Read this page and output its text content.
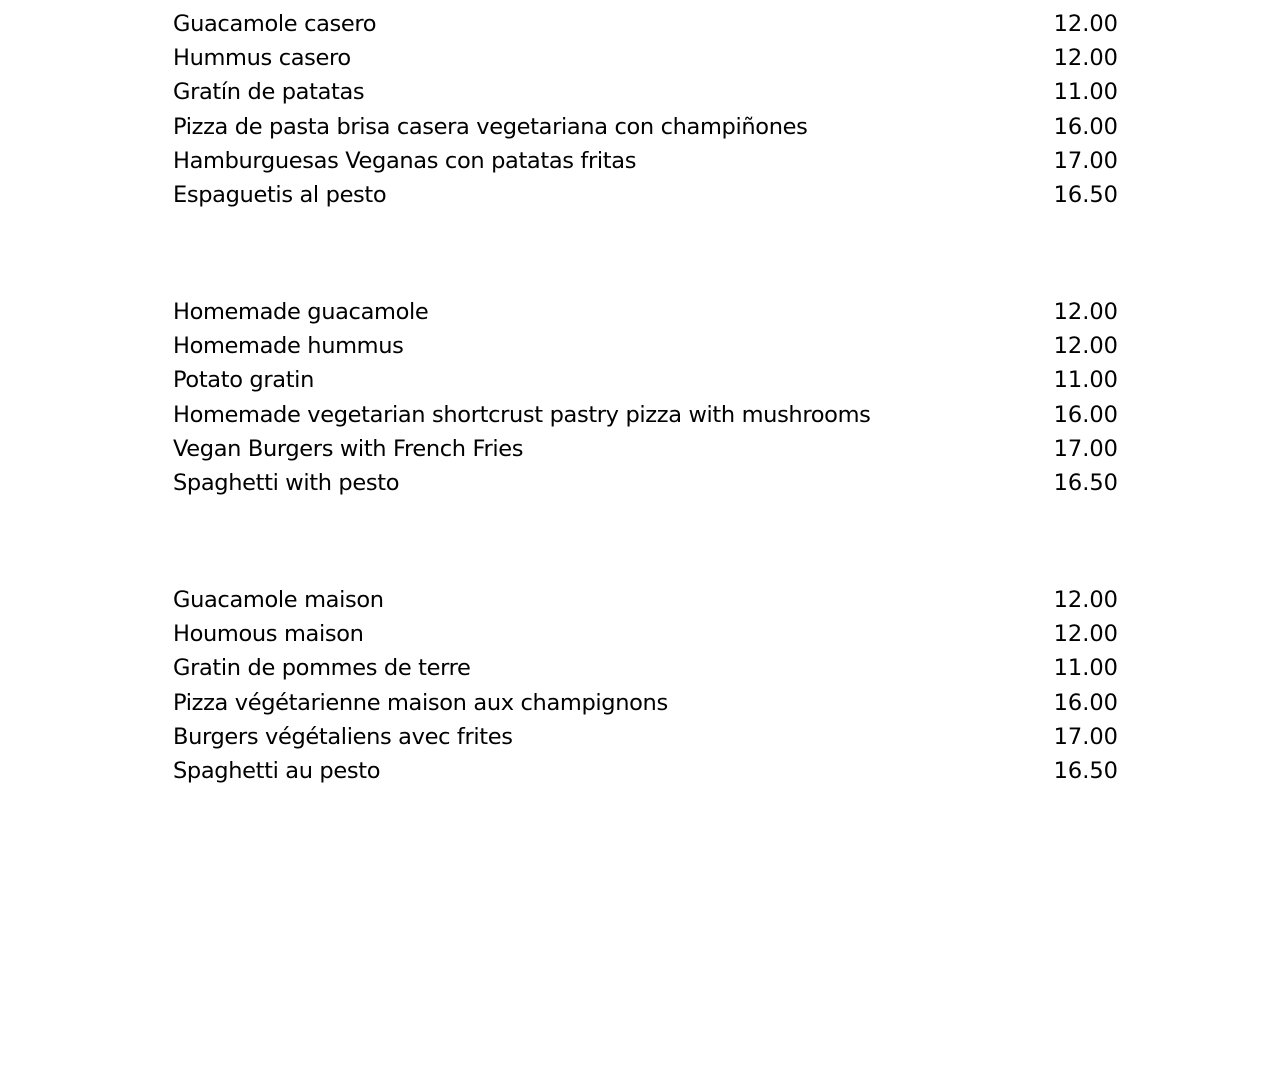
Guacamole casero	12.00
Hummus casero	12.00
Gratín de patatas	11.00
Pizza de pasta brisa casera vegetariana con champiñones	16.00
Hamburguesas Veganas con patatas fritas	17.00
Espaguetis al pesto	16.50
Homemade guacamole	12.00
Homemade hummus	12.00
Potato gratin	11.00
Homemade vegetarian shortcrust pastry pizza with mushrooms	16.00
Vegan Burgers with French Fries	17.00
Spaghetti with pesto	16.50
Guacamole maison	12.00
Houmous maison	12.00
Gratin de pommes de terre	11.00
Pizza végétarienne maison aux champignons	16.00
Burgers végétaliens avec frites	17.00
Spaghetti au pesto	16.50
